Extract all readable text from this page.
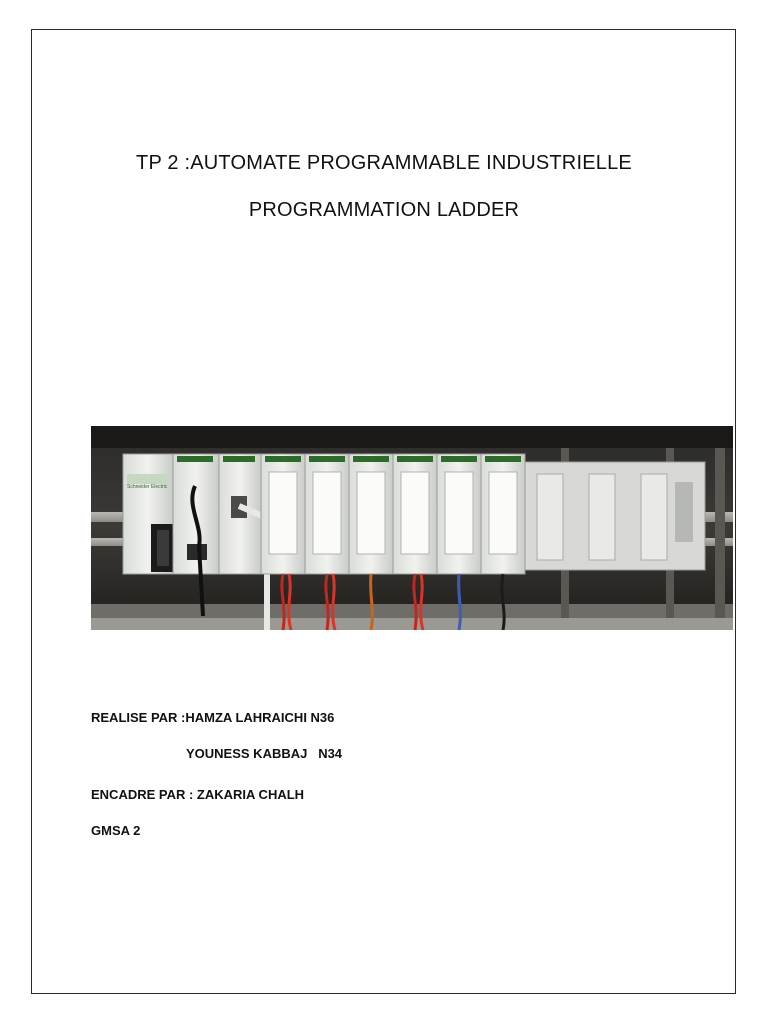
TP 2 :AUTOMATE PROGRAMMABLE INDUSTRIELLE
PROGRAMMATION LADDER
Schneider Electric
REALISE PAR :HAMZA LAHRAICHI N36
YOUNESS KABBAJ   N34
ENCADRE PAR : ZAKARIA CHALH
GMSA 2
